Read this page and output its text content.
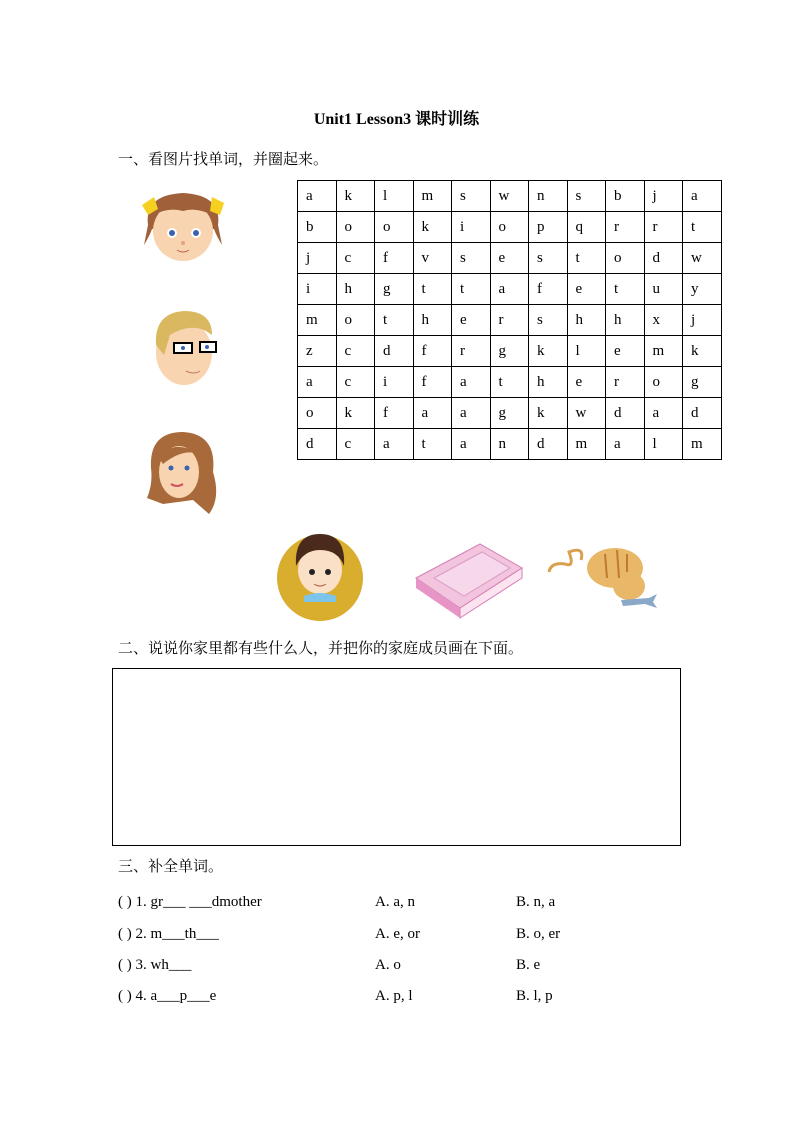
Unit1 Lesson3 课时训练
一、看图片找单词，并圈起来。
a	k	l	m	s	w	n	s	b	j	a
b	o	o	k	i	o	p	q	r	r	t
j	c	f	v	s	e	s	t	o	d	w
i	h	g	t	t	a	f	e	t	u	y
m	o	t	h	e	r	s	h	h	x	j
z	c	d	f	r	g	k	l	e	m	k
a	c	i	f	a	t	h	e	r	o	g
o	k	f	a	a	g	k	w	d	a	d
d	c	a	t	a	n	d	m	a	l	m
二、说说你家里都有些什么人，并把你的家庭成员画在下面。
三、补全单词。
( ) 1. gr___ ___dmother	A. a, n	B. n, a
( ) 2. m___th___	A. e, or	B. o, er
( ) 3. wh___	A. o	B. e
( ) 4. a___p___e	A. p, l	B. l, p
